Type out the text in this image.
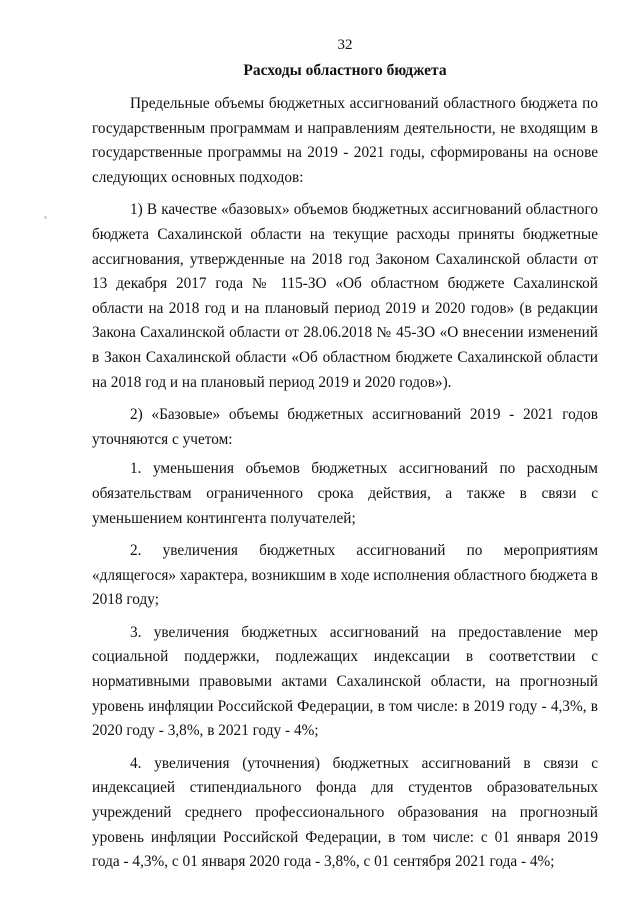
32
Расходы областного бюджета

Предельные объемы бюджетных ассигнований областного бюджета по государственным программам и направлениям деятельности, не входящим в государственные программы на 2019 - 2021 годы, сформированы на основе следующих основных подходов:

1) В качестве «базовых» объемов бюджетных ассигнований областного бюджета Сахалинской области на текущие расходы приняты бюджетные ассигнования, утвержденные на 2018 год Законом Сахалинской области от 13 декабря 2017 года № 115-ЗО «Об областном бюджете Сахалинской области на 2018 год и на плановый период 2019 и 2020 годов» (в редакции Закона Сахалинской области от 28.06.2018 № 45-ЗО «О внесении изменений в Закон Сахалинской области «Об областном бюджете Сахалинской области на 2018 год и на плановый период 2019 и 2020 годов»).

2) «Базовые» объемы бюджетных ассигнований 2019 - 2021 годов уточняются с учетом:

1. уменьшения объемов бюджетных ассигнований по расходным обязательствам ограниченного срока действия, а также в связи с уменьшением контингента получателей;

2. увеличения бюджетных ассигнований по мероприятиям «длящегося» характера, возникшим в ходе исполнения областного бюджета в 2018 году;

3. увеличения бюджетных ассигнований на предоставление мер социальной поддержки, подлежащих индексации в соответствии с нормативными правовыми актами Сахалинской области, на прогнозный уровень инфляции Российской Федерации, в том числе: в 2019 году - 4,3%, в 2020 году - 3,8%, в 2021 году - 4%;

4. увеличения (уточнения) бюджетных ассигнований в связи с индексацией стипендиального фонда для студентов образовательных учреждений среднего профессионального образования на прогнозный уровень инфляции Российской Федерации, в том числе: с 01 января 2019 года - 4,3%, с 01 января 2020 года - 3,8%, с 01 сентября 2021 года - 4%;
